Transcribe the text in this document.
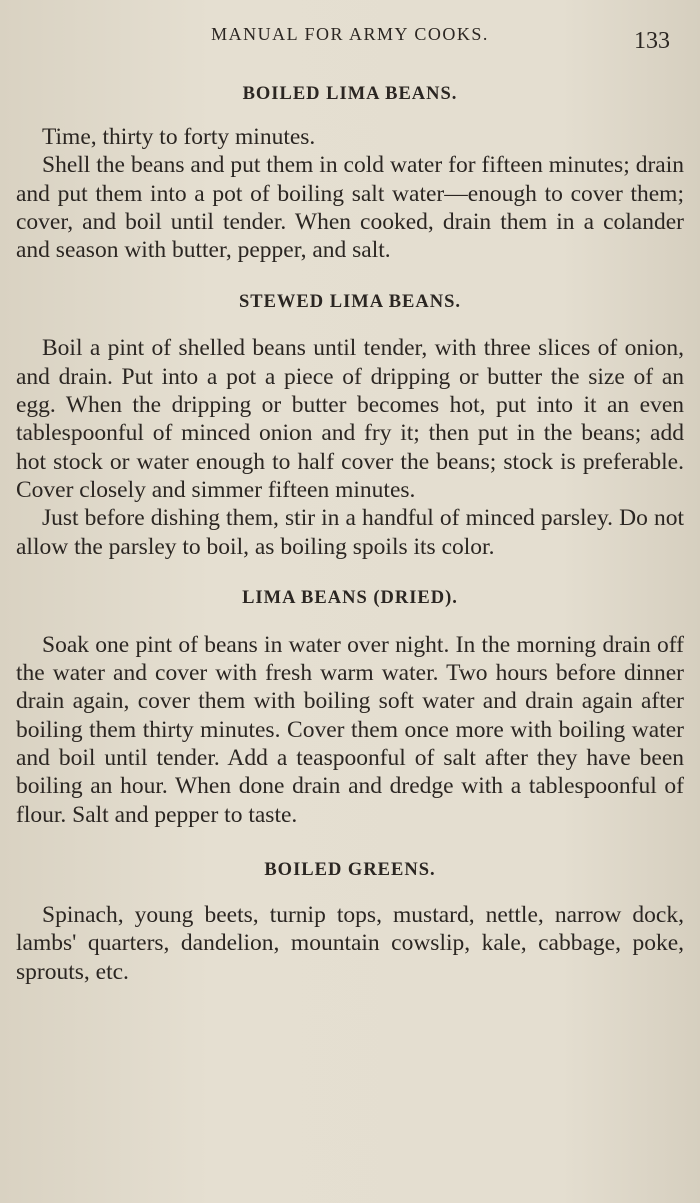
MANUAL FOR ARMY COOKS.	133
BOILED LIMA BEANS.

Time, thirty to forty minutes.

Shell the beans and put them in cold water for fifteen minutes; drain and put them into a pot of boiling salt water—enough to cover them; cover, and boil until tender. When cooked, drain them in a colander and season with butter, pepper, and salt.

STEWED LIMA BEANS.

Boil a pint of shelled beans until tender, with three slices of onion, and drain. Put into a pot a piece of dripping or butter the size of an egg. When the dripping or butter becomes hot, put into it an even tablespoonful of minced onion and fry it; then put in the beans; add hot stock or water enough to half cover the beans; stock is preferable. Cover closely and simmer fifteen minutes.

Just before dishing them, stir in a handful of minced parsley. Do not allow the parsley to boil, as boiling spoils its color.

LIMA BEANS (DRIED).

Soak one pint of beans in water over night. In the morning drain off the water and cover with fresh warm water. Two hours before dinner drain again, cover them with boiling soft water and drain again after boiling them thirty minutes. Cover them once more with boiling water and boil until tender. Add a teaspoonful of salt after they have been boiling an hour. When done drain and dredge with a tablespoonful of flour. Salt and pepper to taste.

BOILED GREENS.

Spinach, young beets, turnip tops, mustard, nettle, narrow dock, lambs' quarters, dandelion, mountain cowslip, kale, cabbage, poke, sprouts, etc.
